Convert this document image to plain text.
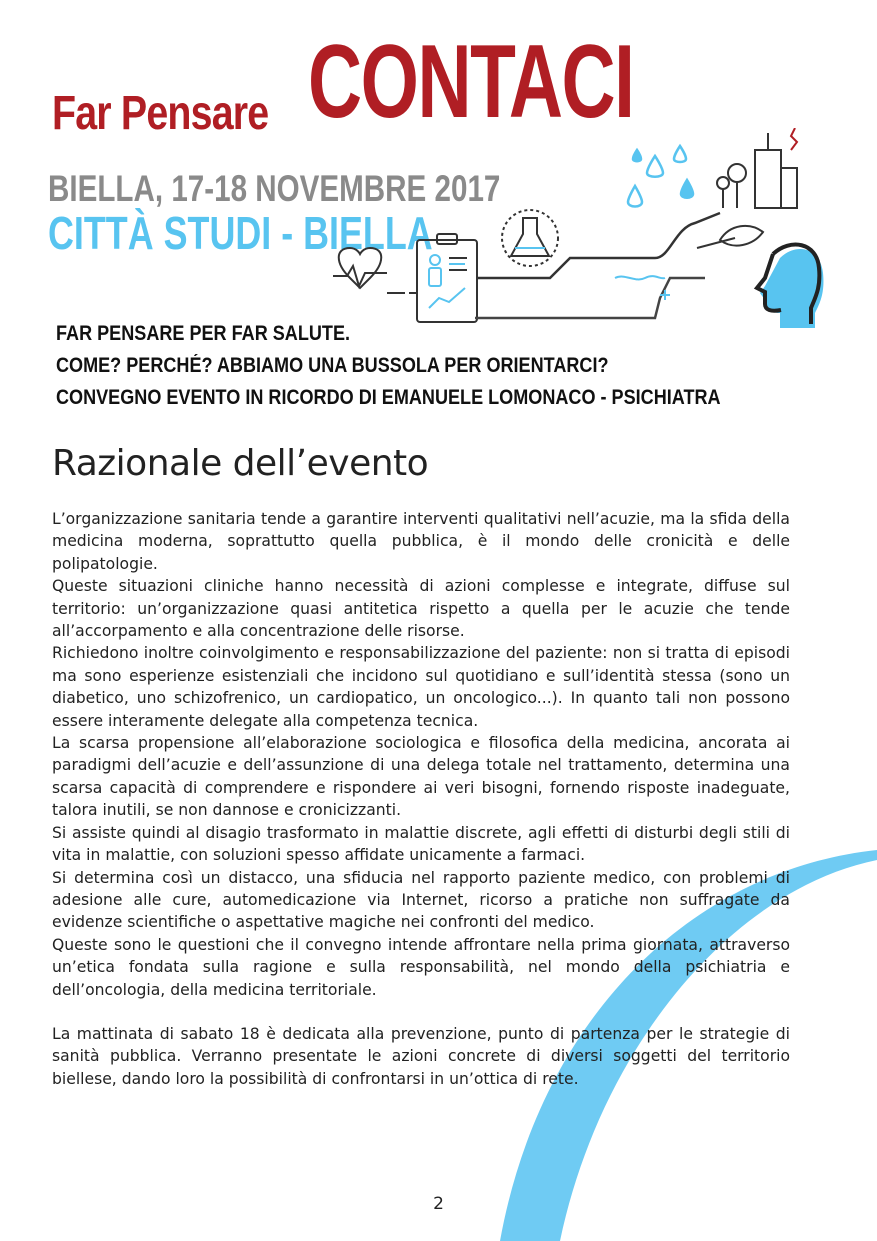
Far Pensare CONTACI
BIELLA, 17-18 NOVEMBRE 2017
CITTÀ STUDI - BIELLA
FAR PENSARE PER FAR SALUTE.
COME? PERCHÉ? ABBIAMO UNA BUSSOLA PER ORIENTARCI?
CONVEGNO EVENTO IN RICORDO DI EMANUELE LOMONACO - PSICHIATRA
Razionale dell’evento

L’organizzazione sanitaria tende a garantire interventi qualitativi nell’acuzie, ma la sfida della medicina moderna, soprattutto quella pubblica, è il mondo delle cronicità e delle polipatologie.

Queste situazioni cliniche hanno necessità di azioni complesse e integrate, diffuse sul territorio: un’organizzazione quasi antitetica rispetto a quella per le acuzie che tende all’accorpamento e alla concentrazione delle risorse.

Richiedono inoltre coinvolgimento e responsabilizzazione del paziente: non si tratta di episodi ma sono esperienze esistenziali che incidono sul quotidiano e sull’identità stessa (sono un diabetico, uno schizofrenico, un cardiopatico, un oncologico...). In quanto tali non possono essere interamente delegate alla competenza tecnica.

La scarsa propensione all’elaborazione sociologica e filosofica della medicina, ancorata ai paradigmi dell’acuzie e dell’assunzione di una delega totale nel trattamento, determina una scarsa capacità di comprendere e rispondere ai veri bisogni, fornendo risposte inadeguate, talora inutili, se non dannose e cronicizzanti.

Si assiste quindi al disagio trasformato in malattie discrete, agli effetti di disturbi degli stili di vita in malattie, con soluzioni spesso affidate unicamente a farmaci.

Si determina così un distacco, una sfiducia nel rapporto paziente medico, con problemi di adesione alle cure, automedicazione via Internet, ricorso a pratiche non suffragate da evidenze scientifiche o aspettative magiche nei confronti del medico.

Queste sono le questioni che il convegno intende affrontare nella prima giornata, attraverso un’etica fondata sulla ragione e sulla responsabilità, nel mondo della psichiatria e dell’oncologia, della medicina territoriale.

La mattinata di sabato 18 è dedicata alla prevenzione, punto di partenza per le strategie di sanità pubblica. Verranno presentate le azioni concrete di diversi soggetti del territorio biellese, dando loro la possibilità di confrontarsi in un’ottica di rete.

2
